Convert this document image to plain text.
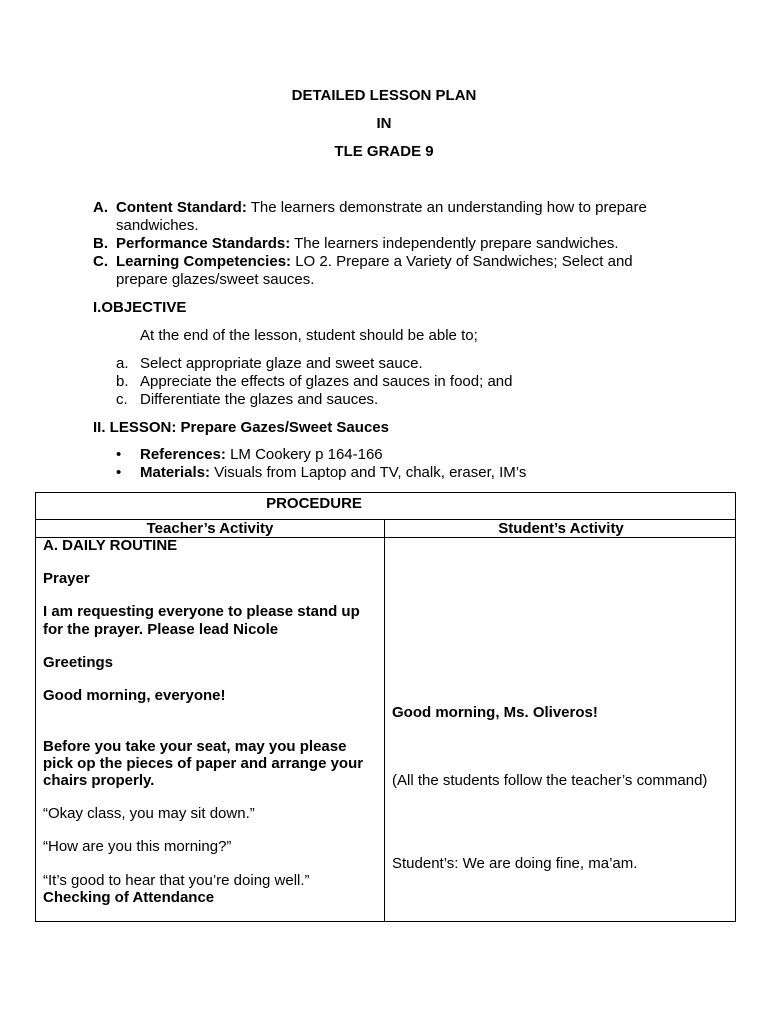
DETAILED LESSON PLAN
IN
TLE GRADE 9
A. Content Standard: The learners demonstrate an understanding how to prepare
sandwiches.
B. Performance Standards: The learners independently prepare sandwiches.
C. Learning Competencies: LO 2. Prepare a Variety of Sandwiches; Select and
prepare glazes/sweet sauces.
I.OBJECTIVE
At the end of the lesson, student should be able to;
a. Select appropriate glaze and sweet sauce.
b. Appreciate the effects of glazes and sauces in food; and
c. Differentiate the glazes and sauces.
II. LESSON: Prepare Gazes/Sweet Sauces
• References: LM Cookery p 164-166
• Materials: Visuals from Laptop and TV, chalk, eraser, IM’s
PROCEDURE
Teacher’s Activity	Student’s Activity
A. DAILY ROUTINE
Prayer
I am requesting everyone to please stand up
for the prayer. Please lead Nicole
Greetings
Good morning, everyone!
Before you take your seat, may you please
pick op the pieces of paper and arrange your
chairs properly.
“Okay class, you may sit down.”
“How are you this morning?”
“It’s good to hear that you’re doing well.”
Checking of Attendance
Good morning, Ms. Oliveros!
(All the students follow the teacher’s command)
Student’s: We are doing fine, ma’am.
